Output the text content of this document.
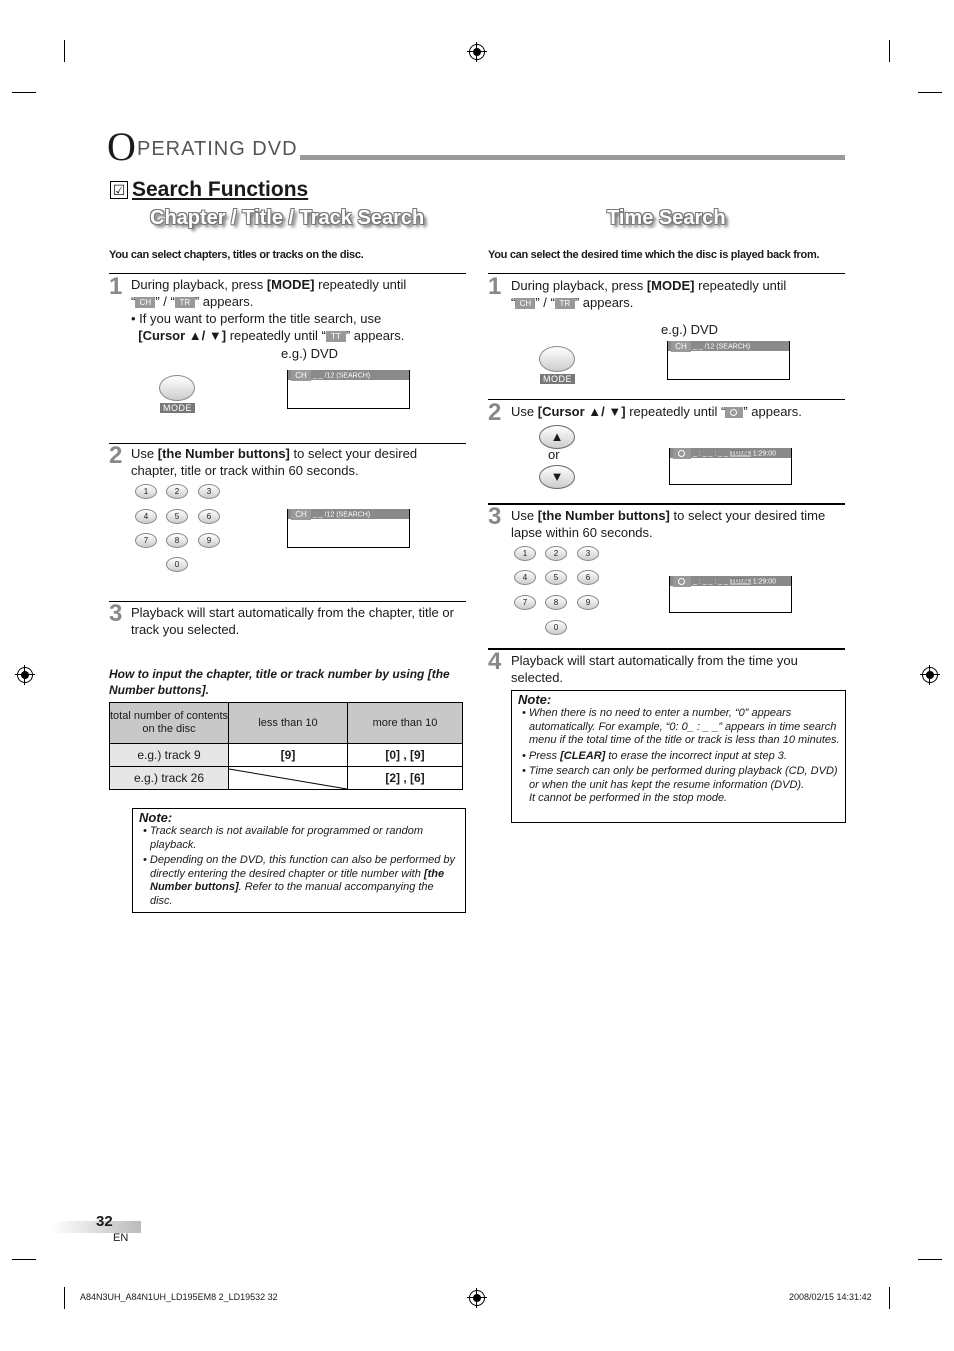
O PERATING DVD
☑ Search Functions
Chapter / Title / Track Search
You can select chapters, titles or tracks on the disc.
1 During playback, press [MODE] repeatedly until
“ CH ” / “ TR ” appears.
• If you want to perform the title search, use
[Cursor ▲/ ▼] repeatedly until “ TT ” appears.
e.g.) DVD
MODE
CH _ _ /12 (SEARCH)
2 Use [the Number buttons] to select your desired chapter, title or track within 60 seconds.
1	2	3
4	5	6
7	8	9
0
CH _ _ /12 (SEARCH)
3 Playback will start automatically from the chapter, title or track you selected.
How to input the chapter, title or track number by using [the Number buttons].
total number of contents on the disc	less than 10	more than 10
e.g.) track 9	[9]	[0] , [9]
e.g.) track 26		[2] , [6]
Note:
• Track search is not available for programmed or random playback.
• Depending on the DVD, this function can also be performed by directly entering the desired chapter or title number with [the Number buttons]. Refer to the manual accompanying the disc.
Time Search
You can select the desired time which the disc is played back from.
1 During playback, press [MODE] repeatedly until
“ CH ” / “ TR ” appears.
e.g.) DVD
MODE
CH _ _ /12 (SEARCH)
2 Use [Cursor ▲/ ▼] repeatedly until “ ” appears.
▲
or
▼
_ : _ _ : _ _ TOTAL 1:29:00
3 Use [the Number buttons] to select your desired time lapse within 60 seconds.
1	2	3
4	5	6
7	8	9
0
_ : _ _ : _ _ TOTAL 1:29:00
4 Playback will start automatically from the time you selected.
Note:
• When there is no need to enter a number, “0” appears automatically. For example, “0: 0_ : _ _” appears in time search menu if the total time of the title or track is less than 10 minutes.
• Press [CLEAR] to erase the incorrect input at step 3.
• Time search can only be performed during playback (CD, DVD) or when the unit has kept the resume information (DVD).
It cannot be performed in the stop mode.
32
EN
A84N3UH_A84N1UH_LD195EM8 2_LD19532 32	2008/02/15 14:31:42
